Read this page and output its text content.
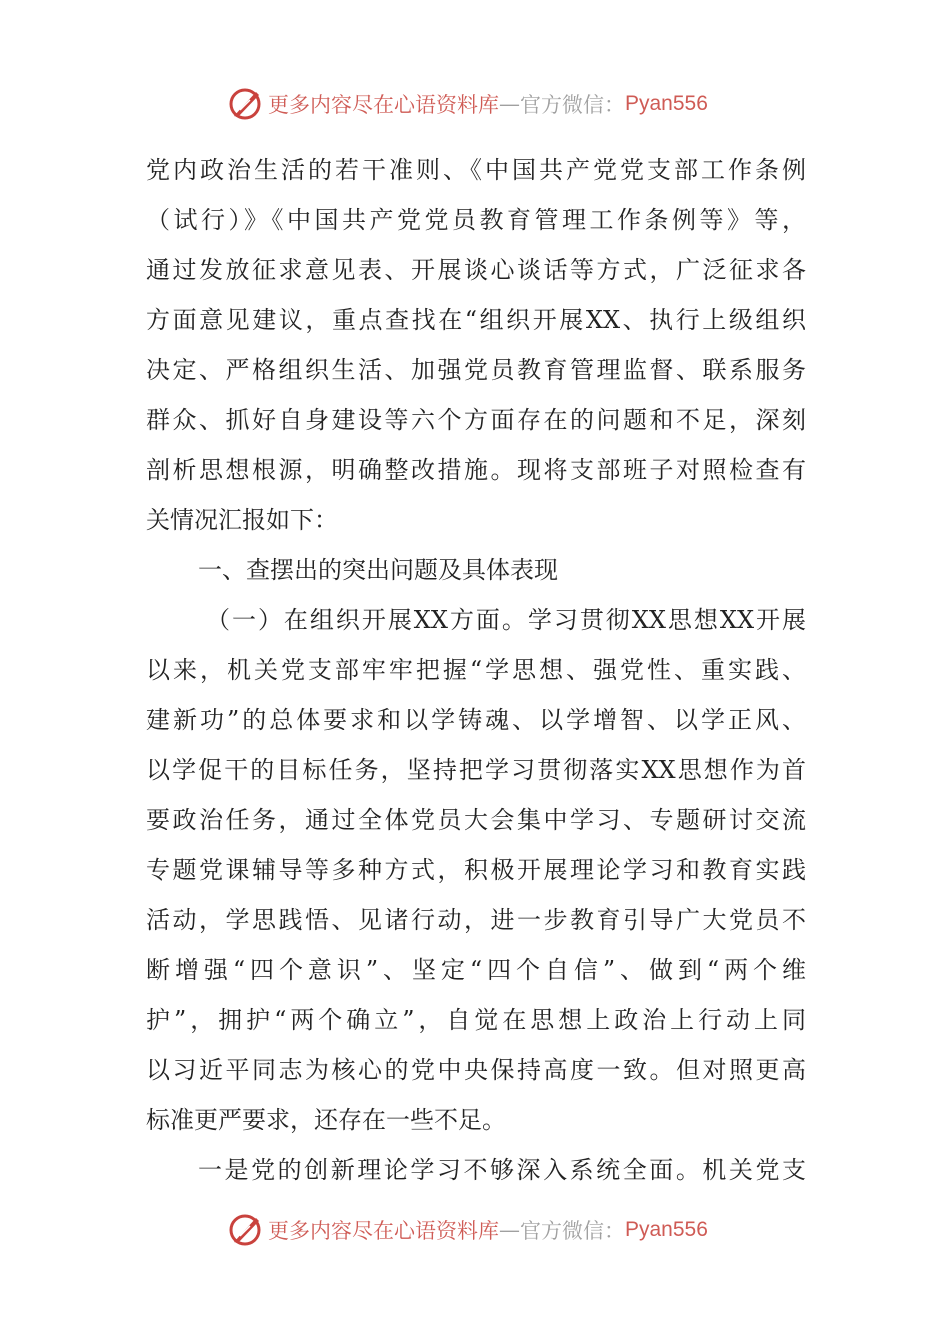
更多内容尽在心语资料库 — 官方微信： Pyan556
党内政治生活的若干准则、《中国共产党党支部工作条例
（试行）》《中国共产党党员教育管理工作条例等》等，
通过发放征求意见表、开展谈心谈话等方式，广泛征求各
方面意见建议，重点查找在“组织开展XX、执行上级组织
决定、严格组织生活、加强党员教育管理监督、联系服务
群众、抓好自身建设等六个方面存在的问题和不足，深刻
剖析思想根源，明确整改措施。现将支部班子对照检查有
关情况汇报如下：
一、查摆出的突出问题及具体表现
（一）在组织开展XX方面。学习贯彻XX思想XX开展
以来，机关党支部牢牢把握“学思想、强党性、重实践、
建新功”的总体要求和以学铸魂、以学增智、以学正风、
以学促干的目标任务，坚持把学习贯彻落实XX思想作为首
要政治任务，通过全体党员大会集中学习、专题研讨交流
专题党课辅导等多种方式，积极开展理论学习和教育实践
活动，学思践悟、见诸行动，进一步教育引导广大党员不
断增强“四个意识”、坚定“四个自信”、做到“两个维
护”，拥护“两个确立”，自觉在思想上政治上行动上同
以习近平同志为核心的党中央保持高度一致。但对照更高
标准更严要求，还存在一些不足。
一是党的创新理论学习不够深入系统全面。机关党支
更多内容尽在心语资料库 — 官方微信： Pyan556
